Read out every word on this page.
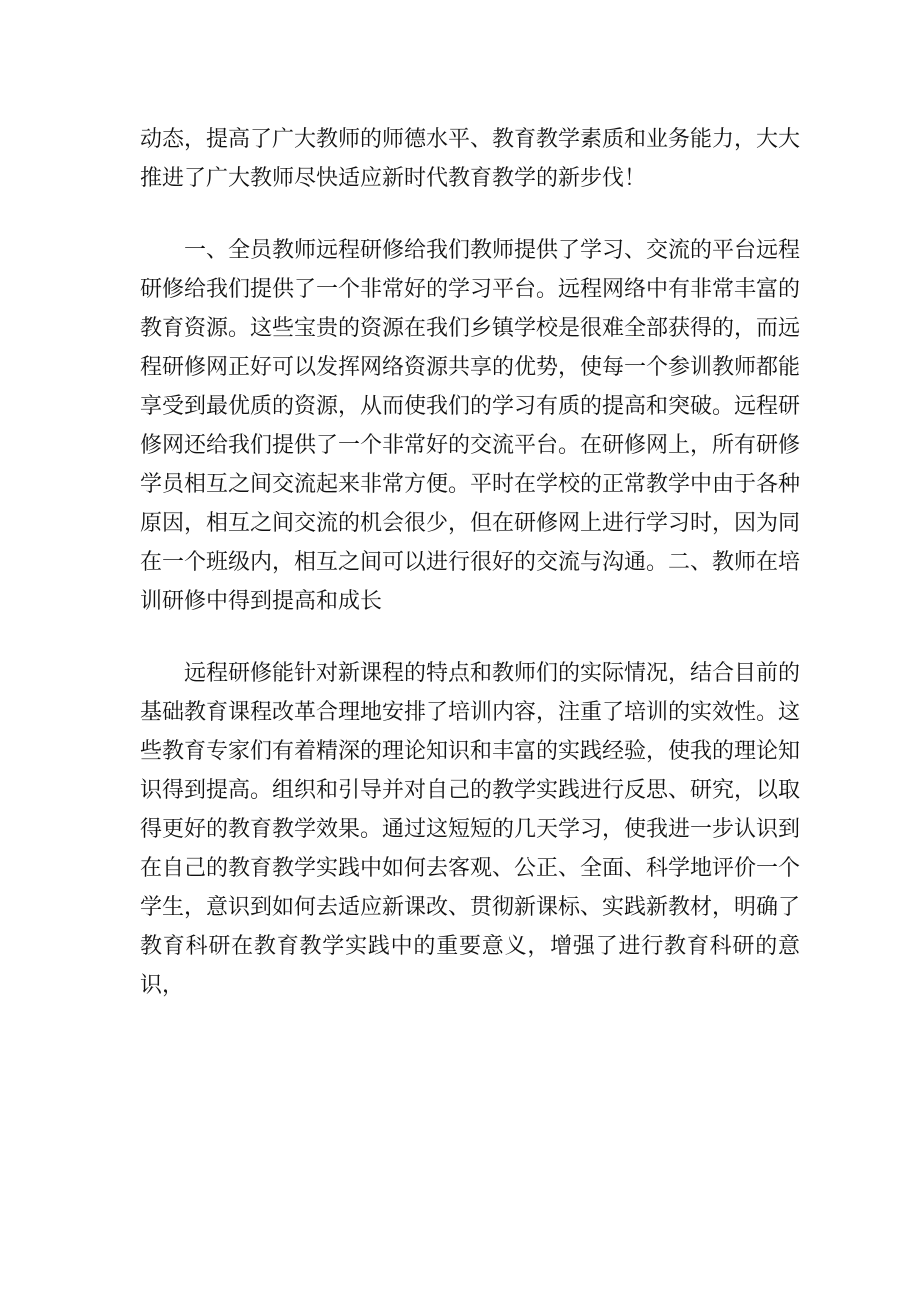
动态，提高了广大教师的师德水平、教育教学素质和业务能力，大大推进了广大教师尽快适应新时代教育教学的新步伐！

一、全员教师远程研修给我们教师提供了学习、交流的平台远程研修给我们提供了一个非常好的学习平台。远程网络中有非常丰富的教育资源。这些宝贵的资源在我们乡镇学校是很难全部获得的，而远程研修网正好可以发挥网络资源共享的优势，使每一个参训教师都能享受到最优质的资源，从而使我们的学习有质的提高和突破。远程研修网还给我们提供了一个非常好的交流平台。在研修网上，所有研修学员相互之间交流起来非常方便。平时在学校的正常教学中由于各种原因，相互之间交流的机会很少，但在研修网上进行学习时，因为同在一个班级内，相互之间可以进行很好的交流与沟通。二、教师在培训研修中得到提高和成长

远程研修能针对新课程的特点和教师们的实际情况，结合目前的基础教育课程改革合理地安排了培训内容，注重了培训的实效性。这些教育专家们有着精深的理论知识和丰富的实践经验，使我的理论知识得到提高。组织和引导并对自己的教学实践进行反思、研究，以取得更好的教育教学效果。通过这短短的几天学习，使我进一步认识到在自己的教育教学实践中如何去客观、公正、全面、科学地评价一个学生，意识到如何去适应新课改、贯彻新课标、实践新教材，明确了教育科研在教育教学实践中的重要意义，增强了进行教育科研的意识，
